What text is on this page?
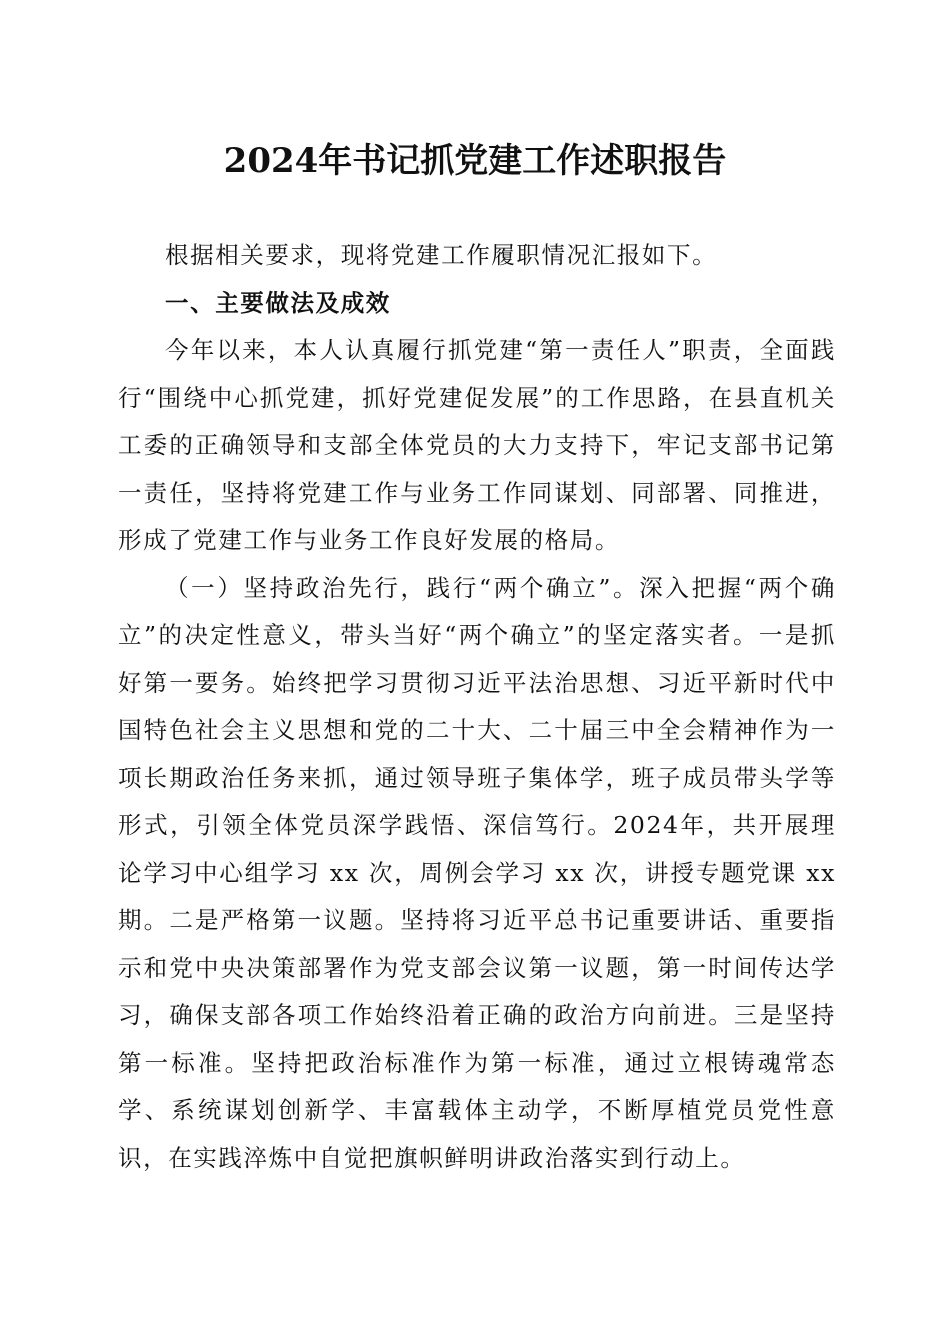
2024年书记抓党建工作述职报告

根据相关要求，现将党建工作履职情况汇报如下。

一、主要做法及成效

今年以来，本人认真履行抓党建“第一责任人”职责，全面践行“围绕中心抓党建，抓好党建促发展”的工作思路，在县直机关工委的正确领导和支部全体党员的大力支持下，牢记支部书记第一责任，坚持将党建工作与业务工作同谋划、同部署、同推进，形成了党建工作与业务工作良好发展的格局。

（一）坚持政治先行，践行“两个确立”。深入把握“两个确立”的决定性意义，带头当好“两个确立”的坚定落实者。一是抓好第一要务。始终把学习贯彻习近平法治思想、习近平新时代中国特色社会主义思想和党的二十大、二十届三中全会精神作为一项长期政治任务来抓，通过领导班子集体学，班子成员带头学等形式，引领全体党员深学践悟、深信笃行。2024年，共开展理论学习中心组学习 xx 次，周例会学习 xx 次，讲授专题党课 xx 期。二是严格第一议题。坚持将习近平总书记重要讲话、重要指示和党中央决策部署作为党支部会议第一议题，第一时间传达学习，确保支部各项工作始终沿着正确的政治方向前进。三是坚持第一标准。坚持把政治标准作为第一标准，通过立根铸魂常态学、系统谋划创新学、丰富载体主动学，不断厚植党员党性意识，在实践淬炼中自觉把旗帜鲜明讲政治落实到行动上。
